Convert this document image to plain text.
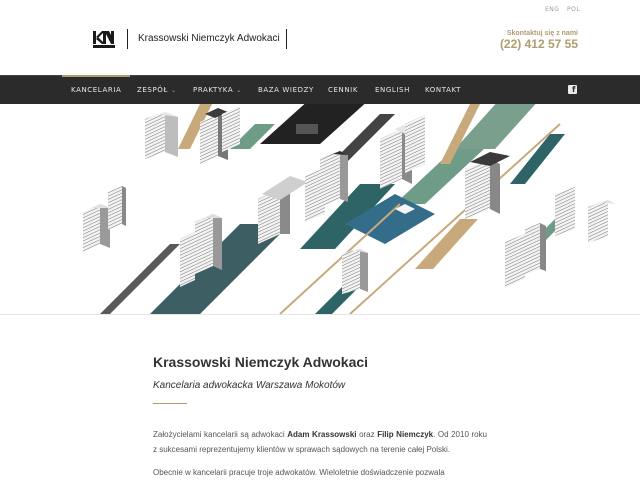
ENG POL
Krassowski Niemczyk Adwokaci	Skontaktuj się z nami
(22) 412 57 55
KANCELARIA ZESPÓŁ ⌄ PRAKTYKA ⌄ BAZA WIEDZY CENNIK ENGLISH KONTAKT	f
Krassowski Niemczyk Adwokaci
Kancelaria adwokacka Warszawa Mokotów

Założycielami kancelarii są adwokaci Adam Krassowski oraz Filip Niemczyk. Od 2010 roku z sukcesami reprezentujemy klientów w sprawach sądowych na terenie całej Polski.

Obecnie w kancelarii pracuje troje adwokatów. Wieloletnie doświadczenie pozwala
